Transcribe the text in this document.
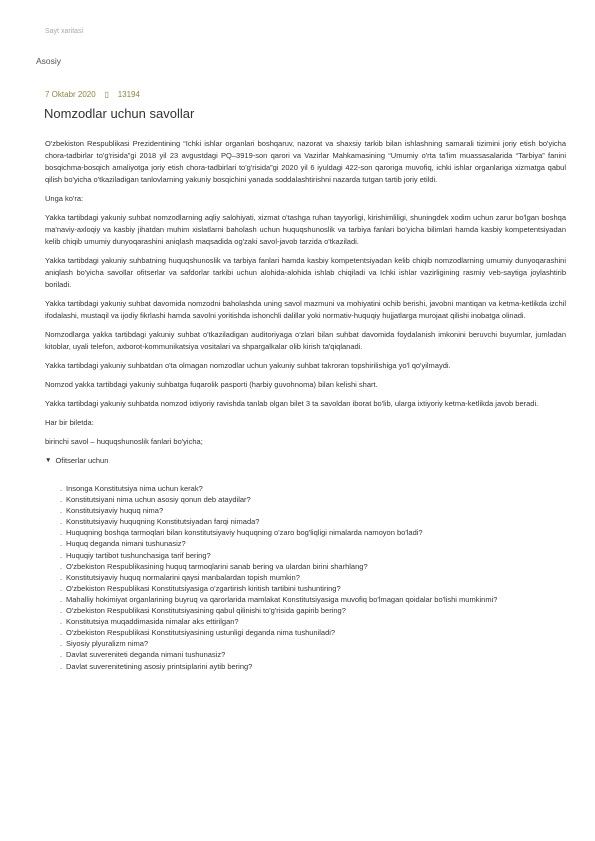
Sayt xaritasi
Asosiy
7 Oktabr 2020	▯	13194
Nomzodlar uchun savollar

O'zbekiston Respublikasi Prezidentining “Ichki ishlar organlari boshqaruv, nazorat va shaxsiy tarkib bilan ishlashning samarali tizimini joriy etish bo'yicha chora-tadbirlar to'g'risida”gi 2018 yil 23 avgustdagi PQ–3919-son qarori va Vazirlar Mahkamasining “Umumiy o'rta ta'lim muassasalarida “Tarbiya” fanini bosqichma-bosqich amaliyotga joriy etish chora-tadbirlari to'g'risida”gi 2020 yil 6 iyuldagi 422-son qaroriga muvofiq, ichki ishlar organlariga xizmatga qabul qilish bo'yicha o'tkaziladigan tanlovlarning yakuniy bosqichini yanada soddalashtirishni nazarda tutgan tartib joriy etildi.

Unga ko'ra:

Yakka tartibdagi yakuniy suhbat nomzodlarning aqliy salohiyati, xizmat o'tashga ruhan tayyorligi, kirishimliligi, shuningdek xodim uchun zarur bo'lgan boshqa ma'naviy-axloqiy va kasbiy jihatdan muhim xislatlarni baholash uchun huquqshunoslik va tarbiya fanlari bo'yicha bilimlari hamda kasbiy kompetentsiyadan kelib chiqib umumiy dunyoqarashini aniqlash maqsadida og'zaki savol-javob tarzida o'tkaziladi.

Yakka tartibdagi yakuniy suhbatning huquqshunoslik va tarbiya fanlari hamda kasbiy kompetentsiyadan kelib chiqib nomzodlarning umumiy dunyoqarashini aniqlash bo'yicha savollar ofitserlar va safdorlar tarkibi uchun alohida-alohida ishlab chiqiladi va Ichki ishlar vazirligining rasmiy veb-saytiga joylashtirib boriladi.

Yakka tartibdagi yakuniy suhbat davomida nomzodni baholashda uning savol mazmuni va mohiyatini ochib berishi, javobni mantiqan va ketma-ketlikda izchil ifodalashi, mustaqil va ijodiy fikrlashi hamda savolni yoritishda ishonchli dalillar yoki normativ-huquqiy hujjatlarga murojaat qilishi inobatga olinadi.

Nomzodlarga yakka tartibdagi yakuniy suhbat o'tkaziladigan auditoriyaga o'zlari bilan suhbat davomida foydalanish imkonini beruvchi buyumlar, jumladan kitoblar, uyali telefon, axborot-kommunikatsiya vositalari va shpargalkalar olib kirish ta'qiqlanadi.

Yakka tartibdagi yakuniy suhbatdan o'ta olmagan nomzodlar uchun yakuniy suhbat takroran topshirilishiga yo'l qo'yilmaydi.

Nomzod yakka tartibdagi yakuniy suhbatga fuqarolik pasporti (harbiy guvohnoma) bilan kelishi shart.

Yakka tartibdagi yakuniy suhbatda nomzod ixtiyoriy ravishda tanlab olgan bilet 3 ta savoldan iborat bo'lib, ularga ixtiyoriy ketma-ketlikda javob beradi.

Har bir biletda:

birinchi savol – huquqshunoslik fanlari bo'yicha;

▼ Ofitserlar uchun
. Insonga Konstitutsiya nima uchun kerak?
. Konstitutsiyani nima uchun asosiy qonun deb ataydilar?
. Konstitutsiyaviy huquq nima?
. Konstitutsiyaviy huquqning Konstitutsiyadan farqi nimada?
. Huquqning boshqa tarmoqlari bilan konstitutsiyaviy huquqning o'zaro bog'liqligi nimalarda namoyon bo'ladi?
. Huquq deganda nimani tushunasiz?
. Huquqiy tartibot tushunchasiga tarif bering?
. O'zbekiston Respublikasining huquq tarmoqlarini sanab bering va ulardan birini sharhlang?
. Konstitutsiyaviy huquq normalarini qaysi manbalardan topish mumkin?
. O'zbekiston Respublikasi Konstitutsiyasiga o'zgartirish kiritish tartibini tushuntiring?
. Mahalliy hokimiyat organlarining buyruq va qarorlarida mamlakat Konstitutsiyasiga muvofiq bo'lmagan qoidalar bo'lishi mumkinmi?
. O'zbekiston Respublikasi Konstitutsiyasining qabul qilinishi to'g'risida gapirib bering?
. Konstitutsiya muqaddimasida nimalar aks ettirilgan?
. O'zbekiston Respublikasi Konstitutsiyasining ustunligi deganda nima tushuniladi?
. Siyosiy plyuralizm nima?
. Davlat suvereniteti deganda nimani tushunasiz?
. Davlat suverenitetining asosiy printsiplarini aytib bering?
